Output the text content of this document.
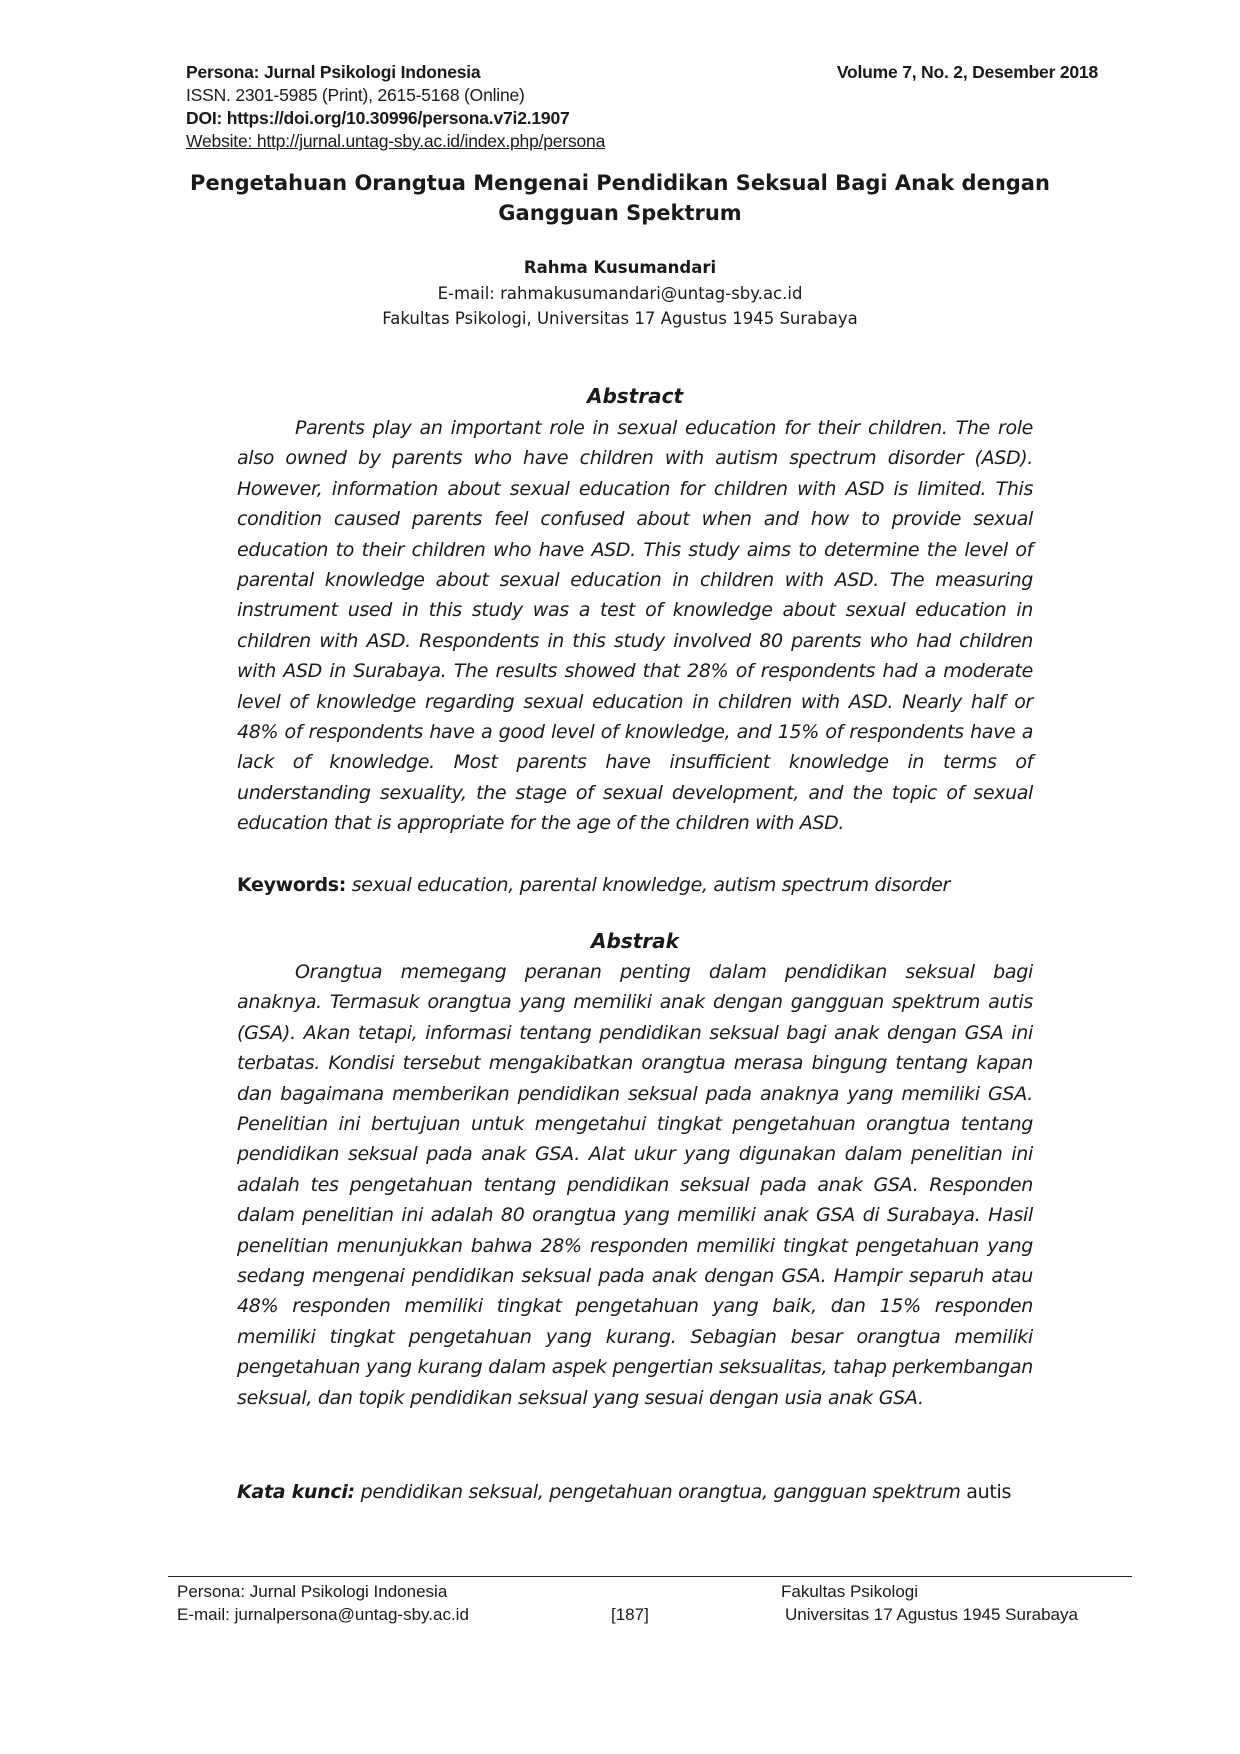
Persona: Jurnal Psikologi Indonesia	Volume 7, No. 2, Desember 2018
ISSN. 2301-5985 (Print), 2615-5168 (Online)
DOI: https://doi.org/10.30996/persona.v7i2.1907
Website: http://jurnal.untag-sby.ac.id/index.php/persona
Pengetahuan Orangtua Mengenai Pendidikan Seksual Bagi Anak dengan Gangguan Spektrum
Rahma Kusumandari
E-mail: rahmakusumandari@untag-sby.ac.id
Fakultas Psikologi, Universitas 17 Agustus 1945 Surabaya
Abstract

Parents play an important role in sexual education for their children. The role also owned by parents who have children with autism spectrum disorder (ASD). However, information about sexual education for children with ASD is limited. This condition caused parents feel confused about when and how to provide sexual education to their children who have ASD. This study aims to determine the level of parental knowledge about sexual education in children with ASD. The measuring instrument used in this study was a test of knowledge about sexual education in children with ASD. Respondents in this study involved 80 parents who had children with ASD in Surabaya. The results showed that 28% of respondents had a moderate level of knowledge regarding sexual education in children with ASD. Nearly half or 48% of respondents have a good level of knowledge, and 15% of respondents have a lack of knowledge. Most parents have insufficient knowledge in terms of understanding sexuality, the stage of sexual development, and the topic of sexual education that is appropriate for the age of the children with ASD.

Keywords: sexual education, parental knowledge, autism spectrum disorder

Abstrak

Orangtua memegang peranan penting dalam pendidikan seksual bagi anaknya. Termasuk orangtua yang memiliki anak dengan gangguan spektrum autis (GSA). Akan tetapi, informasi tentang pendidikan seksual bagi anak dengan GSA ini terbatas. Kondisi tersebut mengakibatkan orangtua merasa bingung tentang kapan dan bagaimana memberikan pendidikan seksual pada anaknya yang memiliki GSA. Penelitian ini bertujuan untuk mengetahui tingkat pengetahuan orangtua tentang pendidikan seksual pada anak GSA. Alat ukur yang digunakan dalam penelitian ini adalah tes pengetahuan tentang pendidikan seksual pada anak GSA. Responden dalam penelitian ini adalah 80 orangtua yang memiliki anak GSA di Surabaya. Hasil penelitian menunjukkan bahwa 28% responden memiliki tingkat pengetahuan yang sedang mengenai pendidikan seksual pada anak dengan GSA. Hampir separuh atau 48% responden memiliki tingkat pengetahuan yang baik, dan 15% responden memiliki tingkat pengetahuan yang kurang. Sebagian besar orangtua memiliki pengetahuan yang kurang dalam aspek pengertian seksualitas, tahap perkembangan seksual, dan topik pendidikan seksual yang sesuai dengan usia anak GSA.

Kata kunci: pendidikan seksual, pengetahuan orangtua, gangguan spektrum autis

Persona: Jurnal Psikologi Indonesia
E-mail: jurnalpersona@untag-sby.ac.id	[187]
Fakultas Psikologi
Universitas 17 Agustus 1945 Surabaya
